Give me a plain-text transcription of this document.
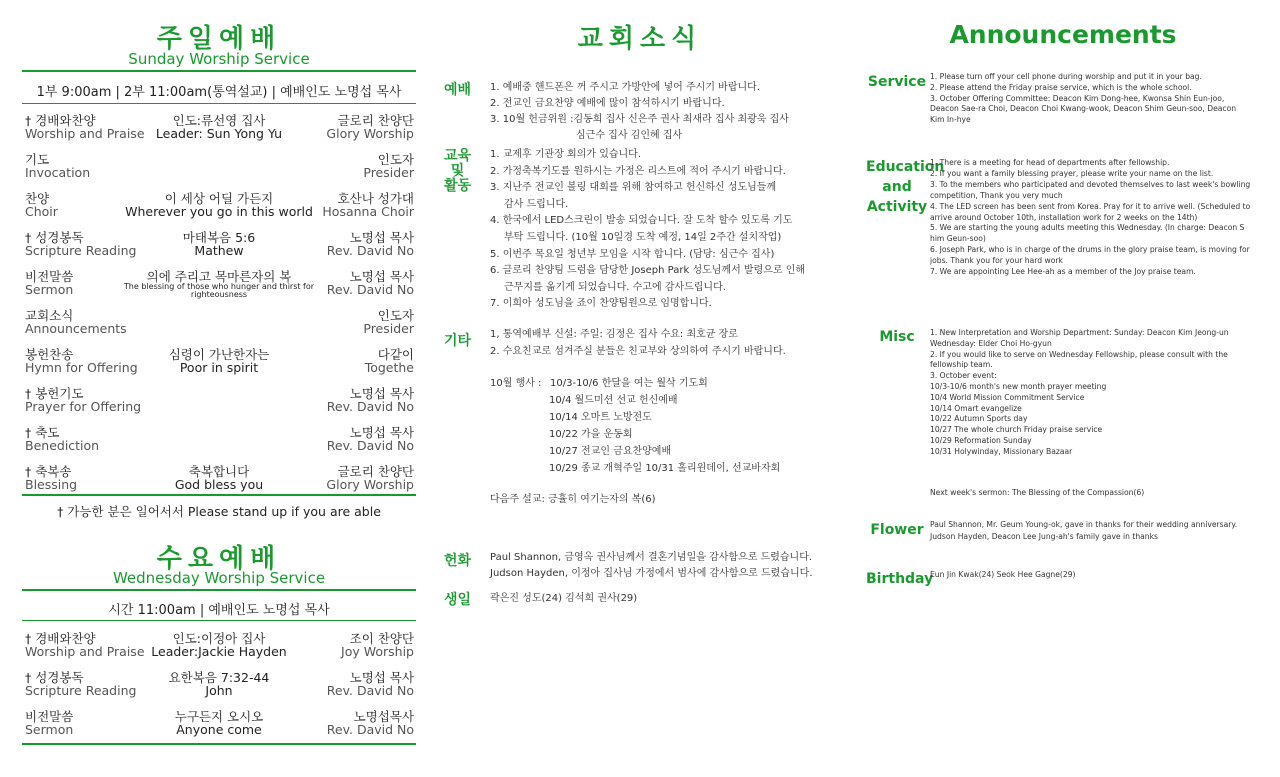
주일예배
Sunday Worship Service
1부 9:00am | 2부 11:00am(통역설교) | 예배인도 노명섭 목사
† 경배와찬양
Worship and Praise
인도:류선영 집사
Leader: Sun Yong Yu
글로리 찬양단
Glory Worship
기도
Invocation
인도자
Presider
찬양
Choir
이 세상 어딜 가든지
Wherever you go in this world
호산나 성가대
Hosanna Choir
† 성경봉독
Scripture Reading
마태복음 5:6
Mathew
노명섭 목사
Rev. David No
비전말씀
Sermon
의에 주리고 목마른자의 복
The blessing of those who hunger and thirst for righteousness
노명섭 목사
Rev. David No
교회소식
Announcements
인도자
Presider
봉헌찬송
Hymn for Offering
심령이 가난한자는
Poor in spirit
다같이
Togethe
† 봉헌기도
Prayer for Offering
노명섭 목사
Rev. David No
† 축도
Benediction
노명섭 목사
Rev. David No
† 축복송
Blessing
축복합니다
God bless you
글로리 찬양단
Glory Worship
† 가능한 분은 일어서서 Please stand up if you are able
수요예배
Wednesday Worship Service
시간 11:00am | 예배인도 노명섭 목사
† 경배와찬양
Worship and Praise
인도:이정아 집사
Leader:Jackie Hayden
조이 찬양단
Joy Worship
† 성경봉독
Scripture Reading
요한복음 7:32-44
John
노명섭 목사
Rev. David No
비전말씀
Sermon
누구든지 오시오
Anyone come
노명섭목사
Rev. David No
교회소식
예배 1. 예배중 핸드폰은 꺼 주시고 가방안에 넣어 주시기 바랍니다.
2. 전교인 금요찬양 예배에 많이 참석하시기 바랍니다.
3. 10월 헌금위원 :김동희 집사 신은주 권사 최새라 집사 최광욱 집사
심근수 집사 김인혜 집사
교육
및
활동
1. 교제후 기관장 회의가 있습니다.
2. 가정축복기도를 원하시는 가정은 리스트에 적어 주시기 바랍니다.
3. 지난주 전교인 볼링 대회를 위해 참여하고 헌신하신 성도님들께
감사 드립니다.
4. 한국에서 LED스크린이 발송 되었습니다. 잘 도착 할수 있도록 기도
부탁 드립니다. (10월 10일경 도착 예정, 14일 2주간 설치작업)
5. 이번주 목요일 청년부 모임을 시작 합니다. (담당: 심근수 집사)
6. 글로리 찬양팀 드럼을 담당한 Joseph Park 성도님께서 발령으로 인해
근무지를 옮기게 되었습니다. 수고에 감사드립니다.
7. 이희아 성도님을 죠이 찬양팀원으로 임명합니다.
기타 1, 통역예배부 신설: 주일: 김정은 집사 수요: 최호균 장로
2. 수요친교로 섬겨주실 분들은 친교부와 상의하여 주시기 바랍니다.
10월 행사 : 10/3-10/6 한달을 여는 월삭 기도회
10/4 월드미션 선교 헌신예배
10/14 오마트 노방전도
10/22 가을 운동회
10/27 전교인 금요찬양예배
10/29 종교 개혁주일 10/31 홀리윈데이, 선교바자회
다음주 설교: 긍휼히 여기는자의 복(6)
헌화 Paul Shannon, 금영옥 권사님께서 결혼기념일을 감사함으로 드렸습니다.
Judson Hayden, 이정아 집사님 가정에서 범사에 감사함으로 드렸습니다.
생일 곽은진 성도(24) 김석희 권사(29)
Announcements
Service 1. Please turn off your cell phone during worship and put it in your bag.
2. Please attend the Friday praise service, which is the whole school.
3. October Offering Committee: Deacon Kim Dong-hee, Kwonsa Shin Eun-joo,
Deacon Sae-ra Choi, Deacon Choi Kwang-wook, Deacon Shim Geun-soo, Deacon
Kim In-hye
Education
and
Activity
1. There is a meeting for head of departments after fellowship.
2. If you want a family blessing prayer, please write your name on the list.
3. To the members who participated and devoted themselves to last week's bowling
competition, Thank you very much
4. The LED screen has been sent from Korea. Pray for it to arrive well. (Scheduled to
arrive around October 10th, installation work for 2 weeks on the 14th)
5. We are starting the young adults meeting this Wednesday. (In charge: Deacon S
him Geun-soo)
6. Joseph Park, who is in charge of the drums in the glory praise team, is moving for
jobs. Thank you for your hard work
7. We are appointing Lee Hee-ah as a member of the Joy praise team.
Misc	1. New Interpretation and Worship Department: Sunday: Deacon Kim Jeong-un
Wednesday: Elder Choi Ho-gyun
2. If you would like to serve on Wednesday Fellowship, please consult with the
fellowship team.
3. October event:
10/3-10/6 month's new month prayer meeting
10/4 World Mission Commitment Service
10/14 Omart evangelize
10/22 Autumn Sports day
10/27 The whole church Friday praise service
10/29 Reformation Sunday
10/31 Holywinday, Missionary Bazaar
Next week's sermon: The Blessing of the Compassion(6)
Flower Paul Shannon, Mr. Geum Young-ok, gave in thanks for their wedding anniversary.
Judson Hayden, Deacon Lee Jung-ah's family gave in thanks
Birthday
Eun Jin Kwak(24) Seok Hee Gagne(29)
